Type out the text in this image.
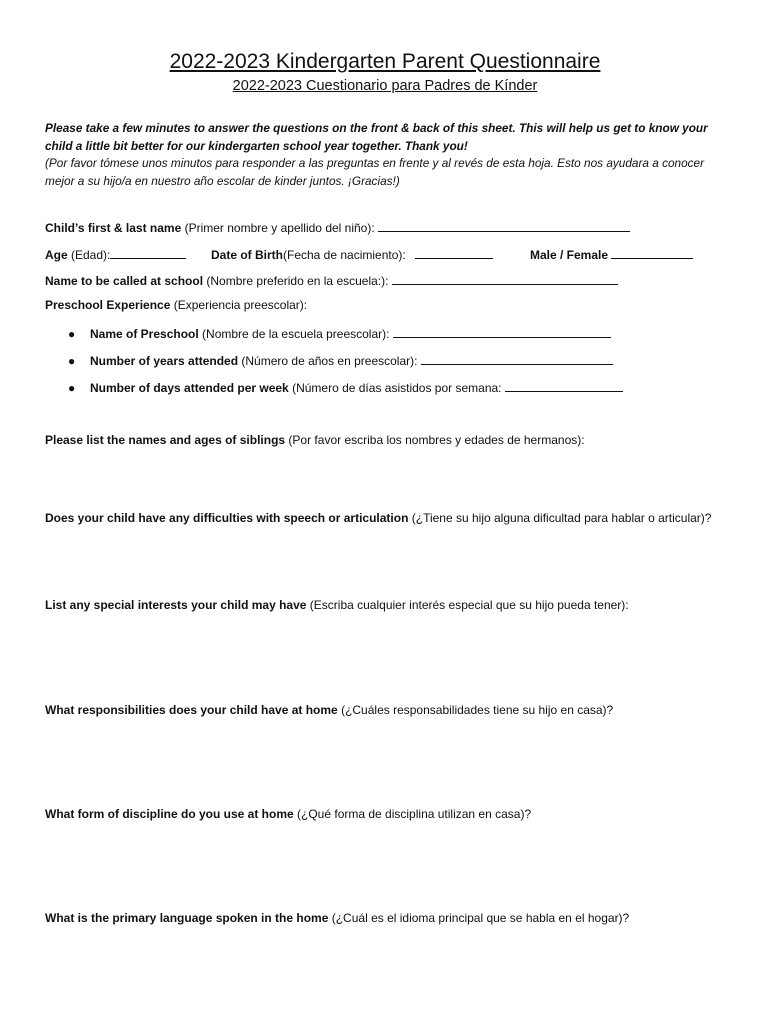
2022-2023 Kindergarten Parent Questionnaire
2022-2023 Cuestionario para Padres de Kínder
Please take a few minutes to answer the questions on the front & back of this sheet. This will help us get to know your child a little bit better for our kindergarten school year together. Thank you!
(Por favor tómese unos minutos para responder a las preguntas en frente y al revés de esta hoja. Esto nos ayudara a conocer mejor a su hijo/a en nuestro año escolar de kinder juntos. ¡Gracias!)
Child’s first & last name (Primer nombre y apellido del niño):
Age (Edad):	Date of Birth(Fecha de nacimiento):	Male / Female
Name to be called at school (Nombre preferido en la escuela:):
Preschool Experience (Experiencia preescolar):
● Name of Preschool (Nombre de la escuela preescolar):
● Number of years attended (Número de años en preescolar):
● Number of days attended per week (Número de días asistidos por semana:
Please list the names and ages of siblings (Por favor escriba los nombres y edades de hermanos):
Does your child have any difficulties with speech or articulation (¿Tiene su hijo alguna dificultad para hablar o articular)?
List any special interests your child may have (Escriba cualquier interés especial que su hijo pueda tener):
What responsibilities does your child have at home (¿Cuáles responsabilidades tiene su hijo en casa)?
What form of discipline do you use at home (¿Qué forma de disciplina utilizan en casa)?
What is the primary language spoken in the home (¿Cuál es el idioma principal que se habla en el hogar)?
